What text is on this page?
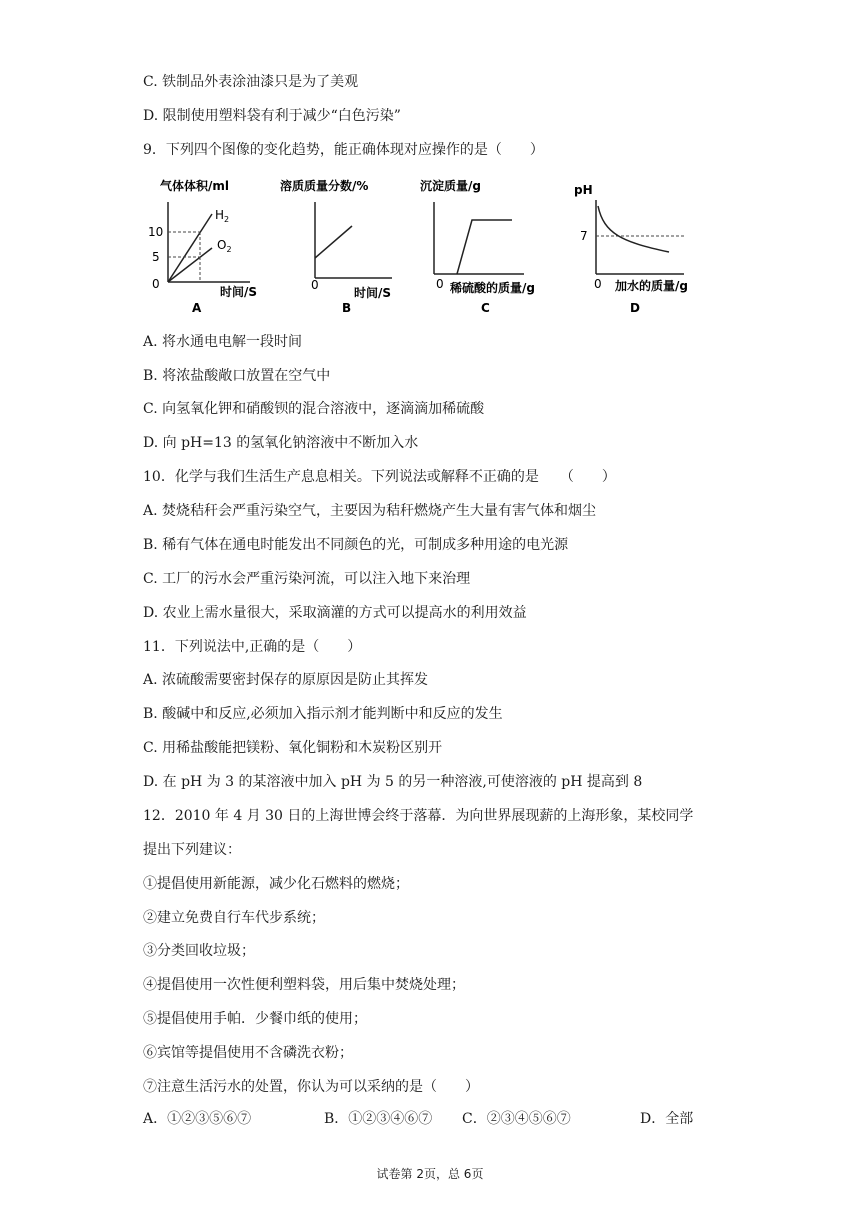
C. 铁制品外表涂油漆只是为了美观
D. 限制使用塑料袋有利于减少“白色污染”
9．下列四个图像的变化趋势，能正确体现对应操作的是（　　）
气体体积/ml
10
5
0
$H_2$
$O_2$
时间/S
A
溶质质量分数/%
0
时间/S
B
沉淀质量/g
0 稀硫酸的质量/g
C
pH
7
0 加水的质量/g
D
A. 将水通电电解一段时间
B. 将浓盐酸敞口放置在空气中
C. 向氢氧化钾和硝酸钡的混合溶液中，逐滴滴加稀硫酸
D. 向 pH=13 的氢氧化钠溶液中不断加入水
10．化学与我们生活生产息息相关。下列说法或解释不正确的是　　（　　）
A. 焚烧秸秆会严重污染空气，主要因为秸秆燃烧产生大量有害气体和烟尘
B. 稀有气体在通电时能发出不同颜色的光，可制成多种用途的电光源
C. 工厂的污水会严重污染河流，可以注入地下来治理
D. 农业上需水量很大，采取滴灌的方式可以提高水的利用效益
11．下列说法中,正确的是（　　）
A. 浓硫酸需要密封保存的原原因是防止其挥发
B. 酸碱中和反应,必须加入指示剂才能判断中和反应的发生
C. 用稀盐酸能把镁粉、氧化铜粉和木炭粉区别开
D. 在 pH 为 3 的某溶液中加入 pH 为 5 的另一种溶液,可使溶液的 pH 提高到 8
12．2010 年 4 月 30 日的上海世博会终于落幕．为向世界展现薪的上海形象，某校同学
提出下列建议：
①提倡使用新能源，减少化石燃料的燃烧；
②建立免费自行车代步系统；
③分类回收垃圾；
④提倡使用一次性便利塑料袋，用后集中焚烧处理；
⑤提倡使用手帕．少餐巾纸的使用；
⑥宾馆等提倡使用不含磷洗衣粉；
⑦注意生活污水的处置，你认为可以采纳的是（　　）
A．①②③⑤⑥⑦	B．①②③④⑥⑦ C．②③④⑤⑥⑦	D．全部
试卷第 2页，总 6页
